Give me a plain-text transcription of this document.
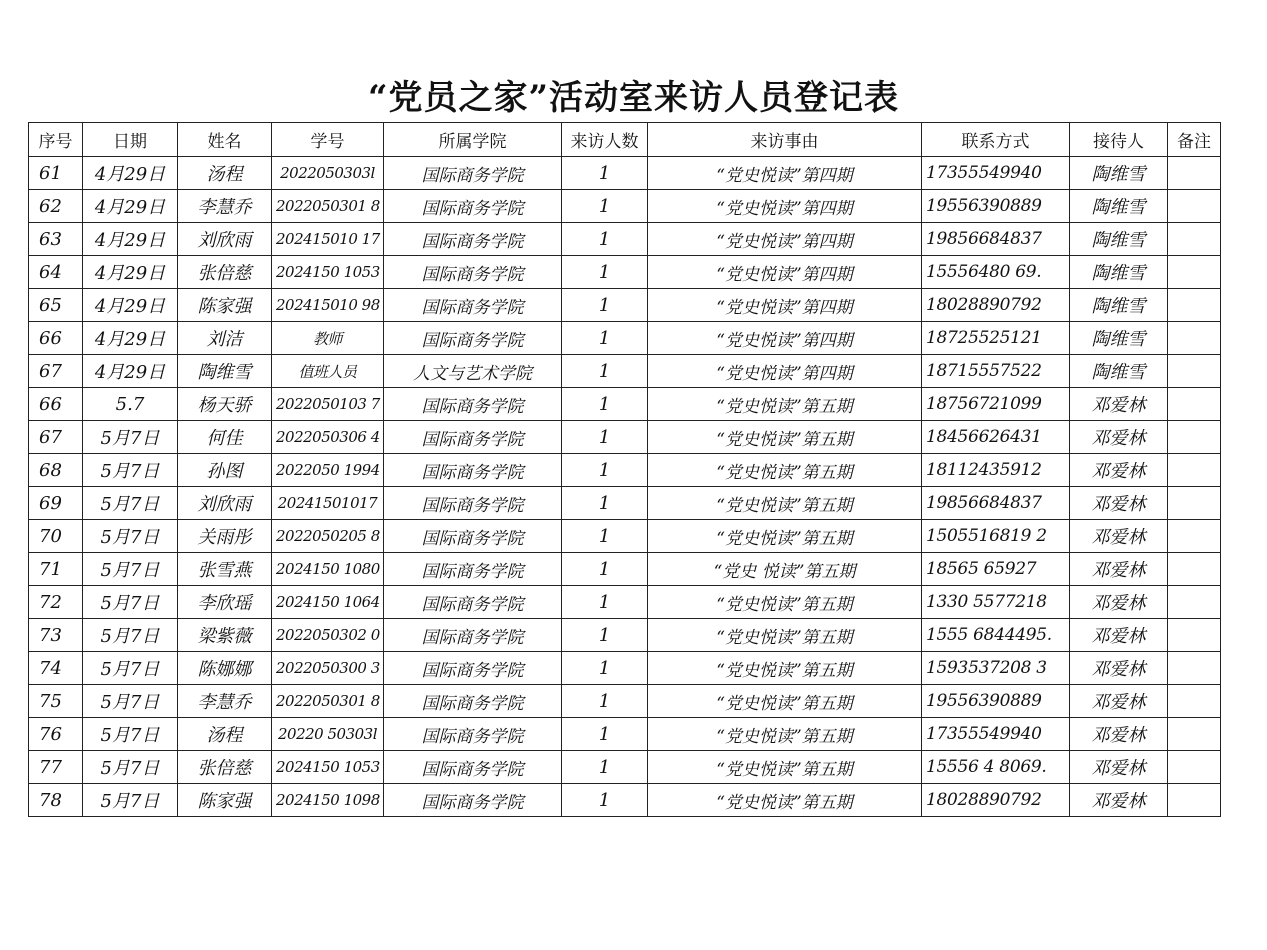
“党员之家”活动室来访人员登记表
序号	日期	姓名	学号	所属学院	来访人数	来访事由	联系方式	接待人	备注
61	4月29日	汤程	2022050303l	国际商务学院	1	“党史悦读”第四期	17355549940	陶维雪	
62	4月29日	李慧乔	2022050301 8	国际商务学院	1	“党史悦读”第四期	19556390889	陶维雪	
63	4月29日	刘欣雨	202415010 17	国际商务学院	1	“党史悦读”第四期	19856684837	陶维雪	
64	4月29日	张倍慈	2024150 1053	国际商务学院	1	“党史悦读”第四期	15556480 69.	陶维雪	
65	4月29日	陈家强	202415010 98	国际商务学院	1	“党史悦读”第四期	18028890792	陶维雪	
66	4月29日	刘洁	教师	国际商务学院	1	“党史悦读”第四期	18725525121	陶维雪	
67	4月29日	陶维雪	值班人员	人文与艺术学院	1	“党史悦读”第四期	18715557522	陶维雪	
66	5.7	杨天骄	2022050103 7	国际商务学院	1	“党史悦读”第五期	18756721099	邓爱林	
67	5月7日	何佳	2022050306 4	国际商务学院	1	“党史悦读”第五期	18456626431	邓爱林	
68	5月7日	孙图	2022050 1994	国际商务学院	1	“党史悦读”第五期	18112435912	邓爱林	
69	5月7日	刘欣雨	20241501017	国际商务学院	1	“党史悦读”第五期	19856684837	邓爱林	
70	5月7日	关雨彤	2022050205 8	国际商务学院	1	“党史悦读”第五期	1505516819 2	邓爱林	
71	5月7日	张雪燕	2024150 1080	国际商务学院	1	“党史 悦读”第五期	18565 65927	邓爱林	
72	5月7日	李欣瑶	2024150 1064	国际商务学院	1	“党史悦读”第五期	1330 5577218	邓爱林	
73	5月7日	梁紫薇	2022050302 0	国际商务学院	1	“党史悦读”第五期	1555 6844495.	邓爱林	
74	5月7日	陈娜娜	2022050300 3	国际商务学院	1	“党史悦读”第五期	1593537208 3	邓爱林	
75	5月7日	李慧乔	2022050301 8	国际商务学院	1	“党史悦读”第五期	19556390889	邓爱林	
76	5月7日	汤程	20220 50303l	国际商务学院	1	“党史悦读”第五期	17355549940	邓爱林	
77	5月7日	张倍慈	2024150 1053	国际商务学院	1	“党史悦读”第五期	15556 4 8069.	邓爱林	
78	5月7日	陈家强	2024150 1098	国际商务学院	1	“党史悦读”第五期	18028890792	邓爱林	
